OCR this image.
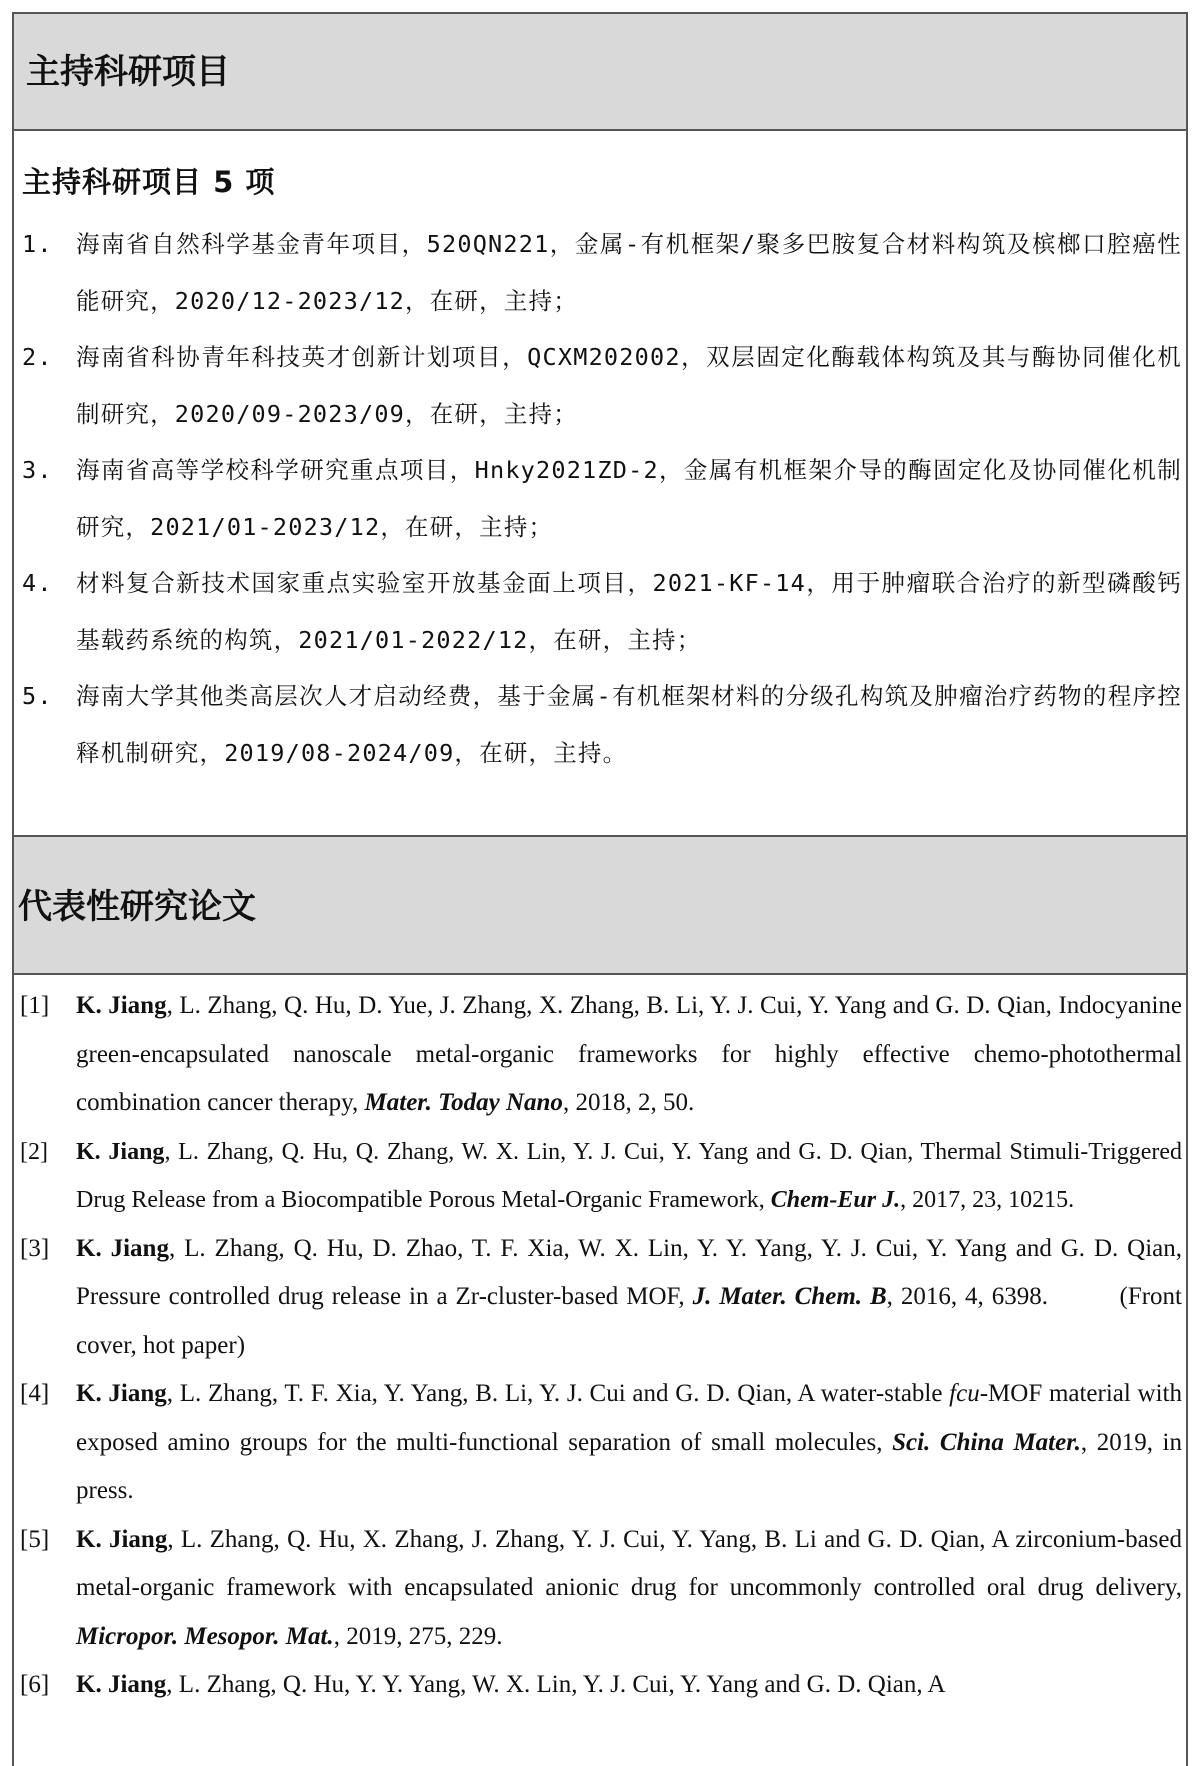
主持科研项目
主持科研项目 5 项
1. 海南省自然科学基金青年项目，520QN221，金属-有机框架/聚多巴胺复合材料构筑及槟榔口腔癌性能研究，2020/12-2023/12，在研，主持；
2. 海南省科协青年科技英才创新计划项目，QCXM202002，双层固定化酶载体构筑及其与酶协同催化机制研究，2020/09-2023/09，在研，主持；
3. 海南省高等学校科学研究重点项目，Hnky2021ZD-2，金属有机框架介导的酶固定化及协同催化机制研究，2021/01-2023/12，在研，主持；
4. 材料复合新技术国家重点实验室开放基金面上项目，2021-KF-14，用于肿瘤联合治疗的新型磷酸钙基载药系统的构筑，2021/01-2022/12，在研，主持；
5. 海南大学其他类高层次人才启动经费，基于金属-有机框架材料的分级孔构筑及肿瘤治疗药物的程序控释机制研究，2019/08-2024/09，在研，主持。
代表性研究论文
[1] K. Jiang, L. Zhang, Q. Hu, D. Yue, J. Zhang, X. Zhang, B. Li, Y. J. Cui, Y. Yang and G. D. Qian, Indocyanine green-encapsulated nanoscale metal-organic frameworks for highly effective chemo-photothermal combination cancer therapy, Mater. Today Nano, 2018, 2, 50.
[2] K. Jiang, L. Zhang, Q. Hu, Q. Zhang, W. X. Lin, Y. J. Cui, Y. Yang and G. D. Qian, Thermal Stimuli-Triggered Drug Release from a Biocompatible Porous Metal-Organic Framework, Chem-Eur J., 2017, 23, 10215.
[3] K. Jiang, L. Zhang, Q. Hu, D. Zhao, T. F. Xia, W. X. Lin, Y. Y. Yang, Y. J. Cui, Y. Yang and G. D. Qian, Pressure controlled drug release in a Zr-cluster-based MOF, J. Mater. Chem. B, 2016, 4, 6398.         (Front cover, hot paper)
[4] K. Jiang, L. Zhang, T. F. Xia, Y. Yang, B. Li, Y. J. Cui and G. D. Qian, A water-stable fcu-MOF material with exposed amino groups for the multi-functional separation of small molecules, Sci. China Mater., 2019, in press.
[5] K. Jiang, L. Zhang, Q. Hu, X. Zhang, J. Zhang, Y. J. Cui, Y. Yang, B. Li and G. D. Qian, A zirconium-based metal-organic framework with encapsulated anionic drug for uncommonly controlled oral drug delivery, Micropor. Mesopor. Mat., 2019, 275, 229.
[6] K. Jiang, L. Zhang, Q. Hu, Y. Y. Yang, W. X. Lin, Y. J. Cui, Y. Yang and G. D. Qian, A
